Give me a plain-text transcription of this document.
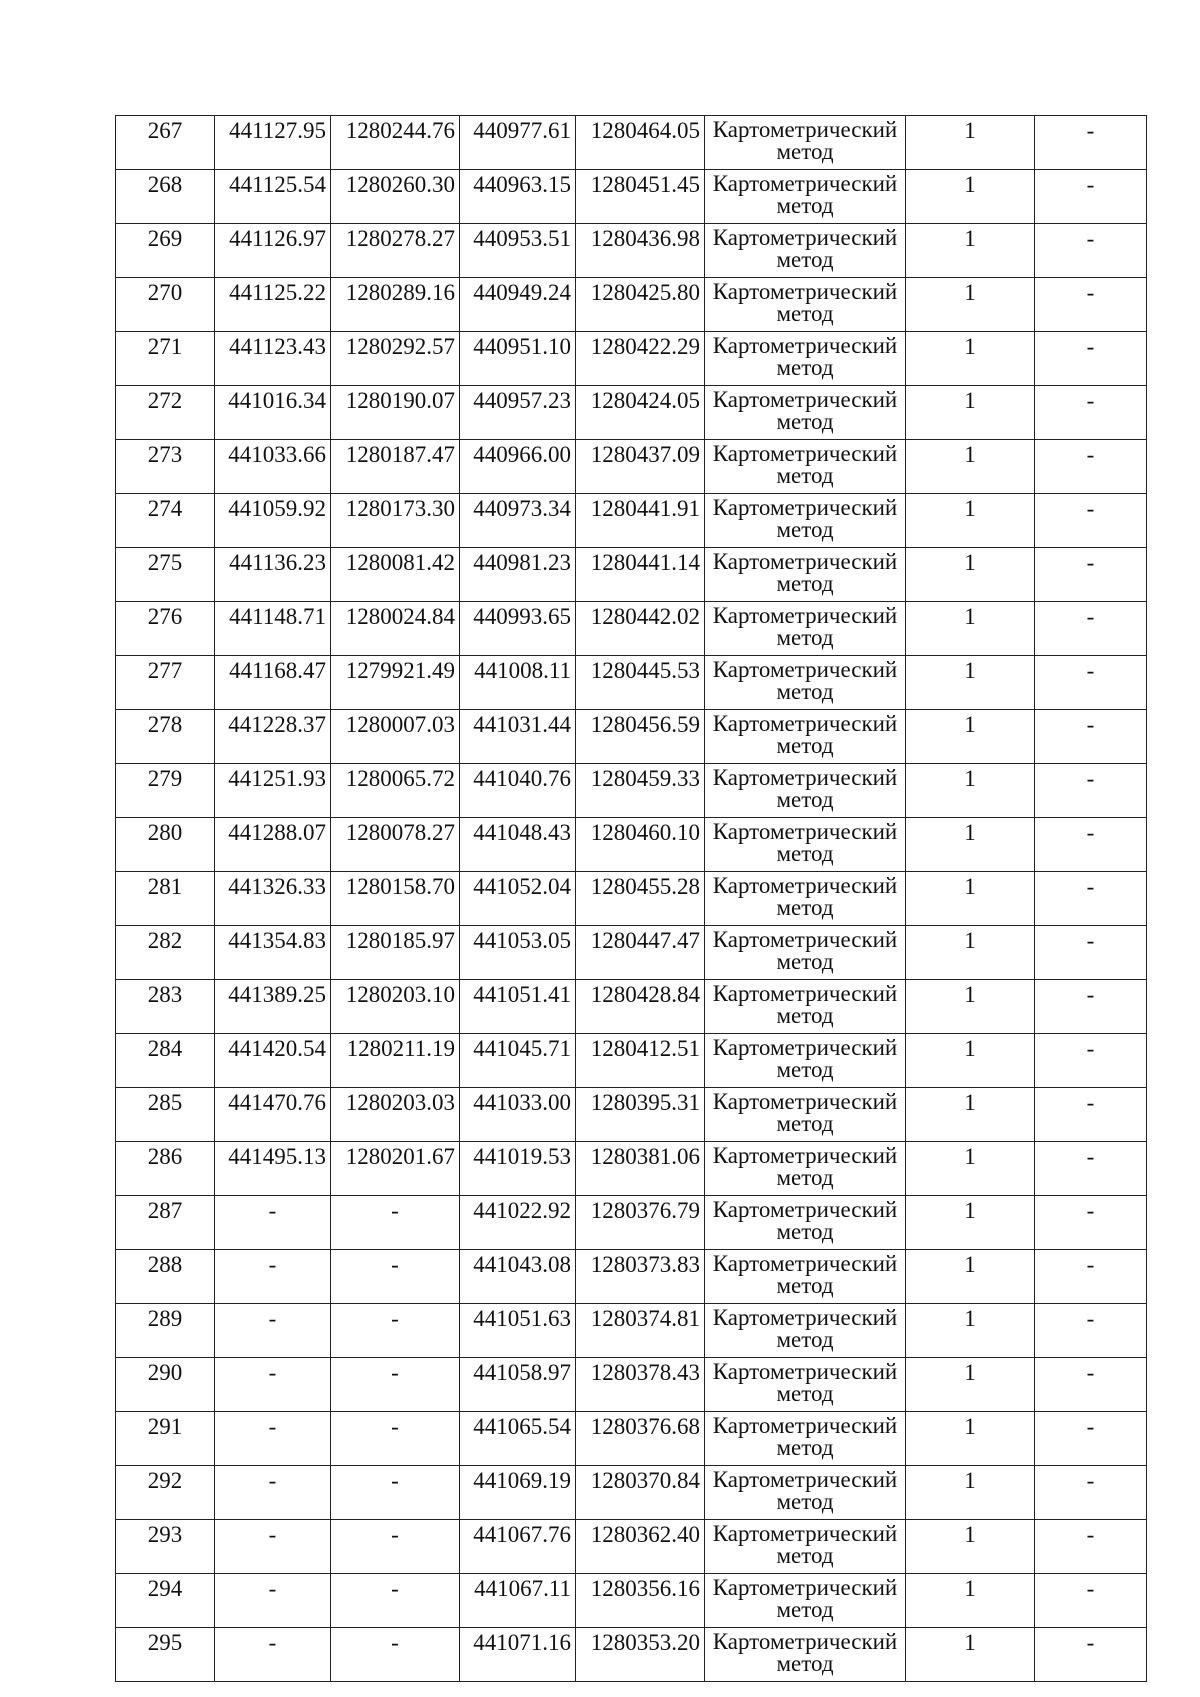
267	441127.95	1280244.76	440977.61	1280464.05	Картометрический
метод	1	-
268	441125.54	1280260.30	440963.15	1280451.45	Картометрический
метод	1	-
269	441126.97	1280278.27	440953.51	1280436.98	Картометрический
метод	1	-
270	441125.22	1280289.16	440949.24	1280425.80	Картометрический
метод	1	-
271	441123.43	1280292.57	440951.10	1280422.29	Картометрический
метод	1	-
272	441016.34	1280190.07	440957.23	1280424.05	Картометрический
метод	1	-
273	441033.66	1280187.47	440966.00	1280437.09	Картометрический
метод	1	-
274	441059.92	1280173.30	440973.34	1280441.91	Картометрический
метод	1	-
275	441136.23	1280081.42	440981.23	1280441.14	Картометрический
метод	1	-
276	441148.71	1280024.84	440993.65	1280442.02	Картометрический
метод	1	-
277	441168.47	1279921.49	441008.11	1280445.53	Картометрический
метод	1	-
278	441228.37	1280007.03	441031.44	1280456.59	Картометрический
метод	1	-
279	441251.93	1280065.72	441040.76	1280459.33	Картометрический
метод	1	-
280	441288.07	1280078.27	441048.43	1280460.10	Картометрический
метод	1	-
281	441326.33	1280158.70	441052.04	1280455.28	Картометрический
метод	1	-
282	441354.83	1280185.97	441053.05	1280447.47	Картометрический
метод	1	-
283	441389.25	1280203.10	441051.41	1280428.84	Картометрический
метод	1	-
284	441420.54	1280211.19	441045.71	1280412.51	Картометрический
метод	1	-
285	441470.76	1280203.03	441033.00	1280395.31	Картометрический
метод	1	-
286	441495.13	1280201.67	441019.53	1280381.06	Картометрический
метод	1	-
287	-	-	441022.92	1280376.79	Картометрический
метод	1	-
288	-	-	441043.08	1280373.83	Картометрический
метод	1	-
289	-	-	441051.63	1280374.81	Картометрический
метод	1	-
290	-	-	441058.97	1280378.43	Картометрический
метод	1	-
291	-	-	441065.54	1280376.68	Картометрический
метод	1	-
292	-	-	441069.19	1280370.84	Картометрический
метод	1	-
293	-	-	441067.76	1280362.40	Картометрический
метод	1	-
294	-	-	441067.11	1280356.16	Картометрический
метод	1	-
295	-	-	441071.16	1280353.20	Картометрический
метод	1	-
